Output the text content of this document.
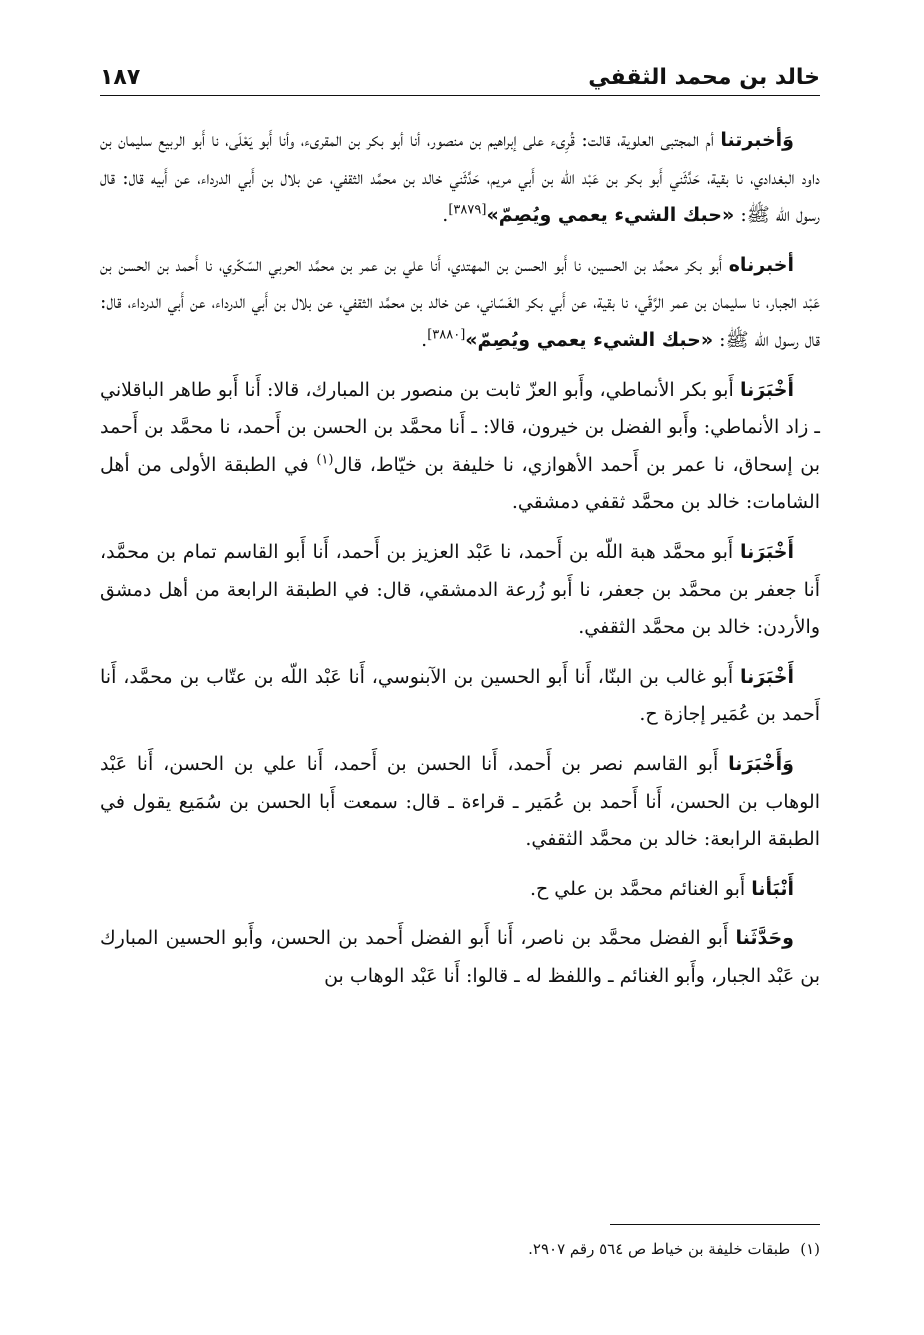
خالد بن محمد الثقفي
١٨٧

وَأخبرتنا أم المجتبى العلوية، قالت: قُرِىء على إبراهيم بن منصور، أنا أبو بكر بن المقرىء، وأنا أَبو يَعْلَى، نا أَبو الربيع سليمان بن داود البغدادي، نا بقية، حَدَّثَني أَبو بكر بن عَبْد اللّه بن أَبي مريم، حَدَّثَني خالد بن محمَّد الثقفي، عن بلال بن أَبي الدرداء، عن أَبيه قال: قال رسول اللّه ﷺ: «حبك الشيء يعمي ويُصِمّ»[٣٨٧٩].

أخبرناه أَبو بكر محمَّد بن الحسين، نا أَبو الحسن بن المهتدي، أَنا علي بن عمر بن محمَّد الحربي السّكّري، نا أَحمد بن الحسن بن عَبْد الجبار، نا سليمان بن عمر الرَّقّي، نا بقية، عن أَبي بكر الغَسّاني، عن خالد بن محمَّد الثقفي، عن بلال بن أَبي الدرداء، عن أَبي الدرداء، قال: قال رسول اللّه ﷺ: «حبك الشيء يعمي ويُصِمّ»[٣٨٨٠].

أَخْبَرَنا أَبو بكر الأنماطي، وأَبو العزّ ثابت بن منصور بن المبارك، قالا: أَنا أَبو طاهر الباقلاني ـ زاد الأنماطي: وأَبو الفضل بن خيرون، قالا: ـ أَنا محمَّد بن الحسن بن أَحمد، نا محمَّد بن أَحمد بن إسحاق، نا عمر بن أَحمد الأهوازي، نا خليفة بن خيّاط، قال$^{(١)}$ في الطبقة الأولى من أهل الشامات: خالد بن محمَّد ثقفي دمشقي.

أَخْبَرَنا أَبو محمَّد هبة اللّه بن أَحمد، نا عَبْد العزيز بن أَحمد، أَنا أَبو القاسم تمام بن محمَّد، أَنا جعفر بن محمَّد بن جعفر، نا أَبو زُرعة الدمشقي، قال: في الطبقة الرابعة من أهل دمشق والأردن: خالد بن محمَّد الثقفي.

أَخْبَرَنا أَبو غالب بن البنّا، أَنا أَبو الحسين بن الآبنوسي، أَنا عَبْد اللّه بن عتّاب بن محمَّد، أَنا أَحمد بن عُمَير إجازة ح.

وَأَخْبَرَنا أَبو القاسم نصر بن أَحمد، أَنا الحسن بن أَحمد، أَنا علي بن الحسن، أَنا عَبْد الوهاب بن الحسن، أَنا أَحمد بن عُمَير ـ قراءة ـ قال: سمعت أَبا الحسن بن سُمَيع يقول في الطبقة الرابعة: خالد بن محمَّد الثقفي.

أَنْبَأنا أَبو الغنائم محمَّد بن علي ح.

وحَدَّثَنا أَبو الفضل محمَّد بن ناصر، أَنا أَبو الفضل أَحمد بن الحسن، وأَبو الحسين المبارك بن عَبْد الجبار، وأَبو الغنائم ـ واللفظ له ـ قالوا: أَنا عَبْد الوهاب بن

(١)طبقات خليفة بن خياط ص ٥٦٤ رقم ٢٩٠٧.
